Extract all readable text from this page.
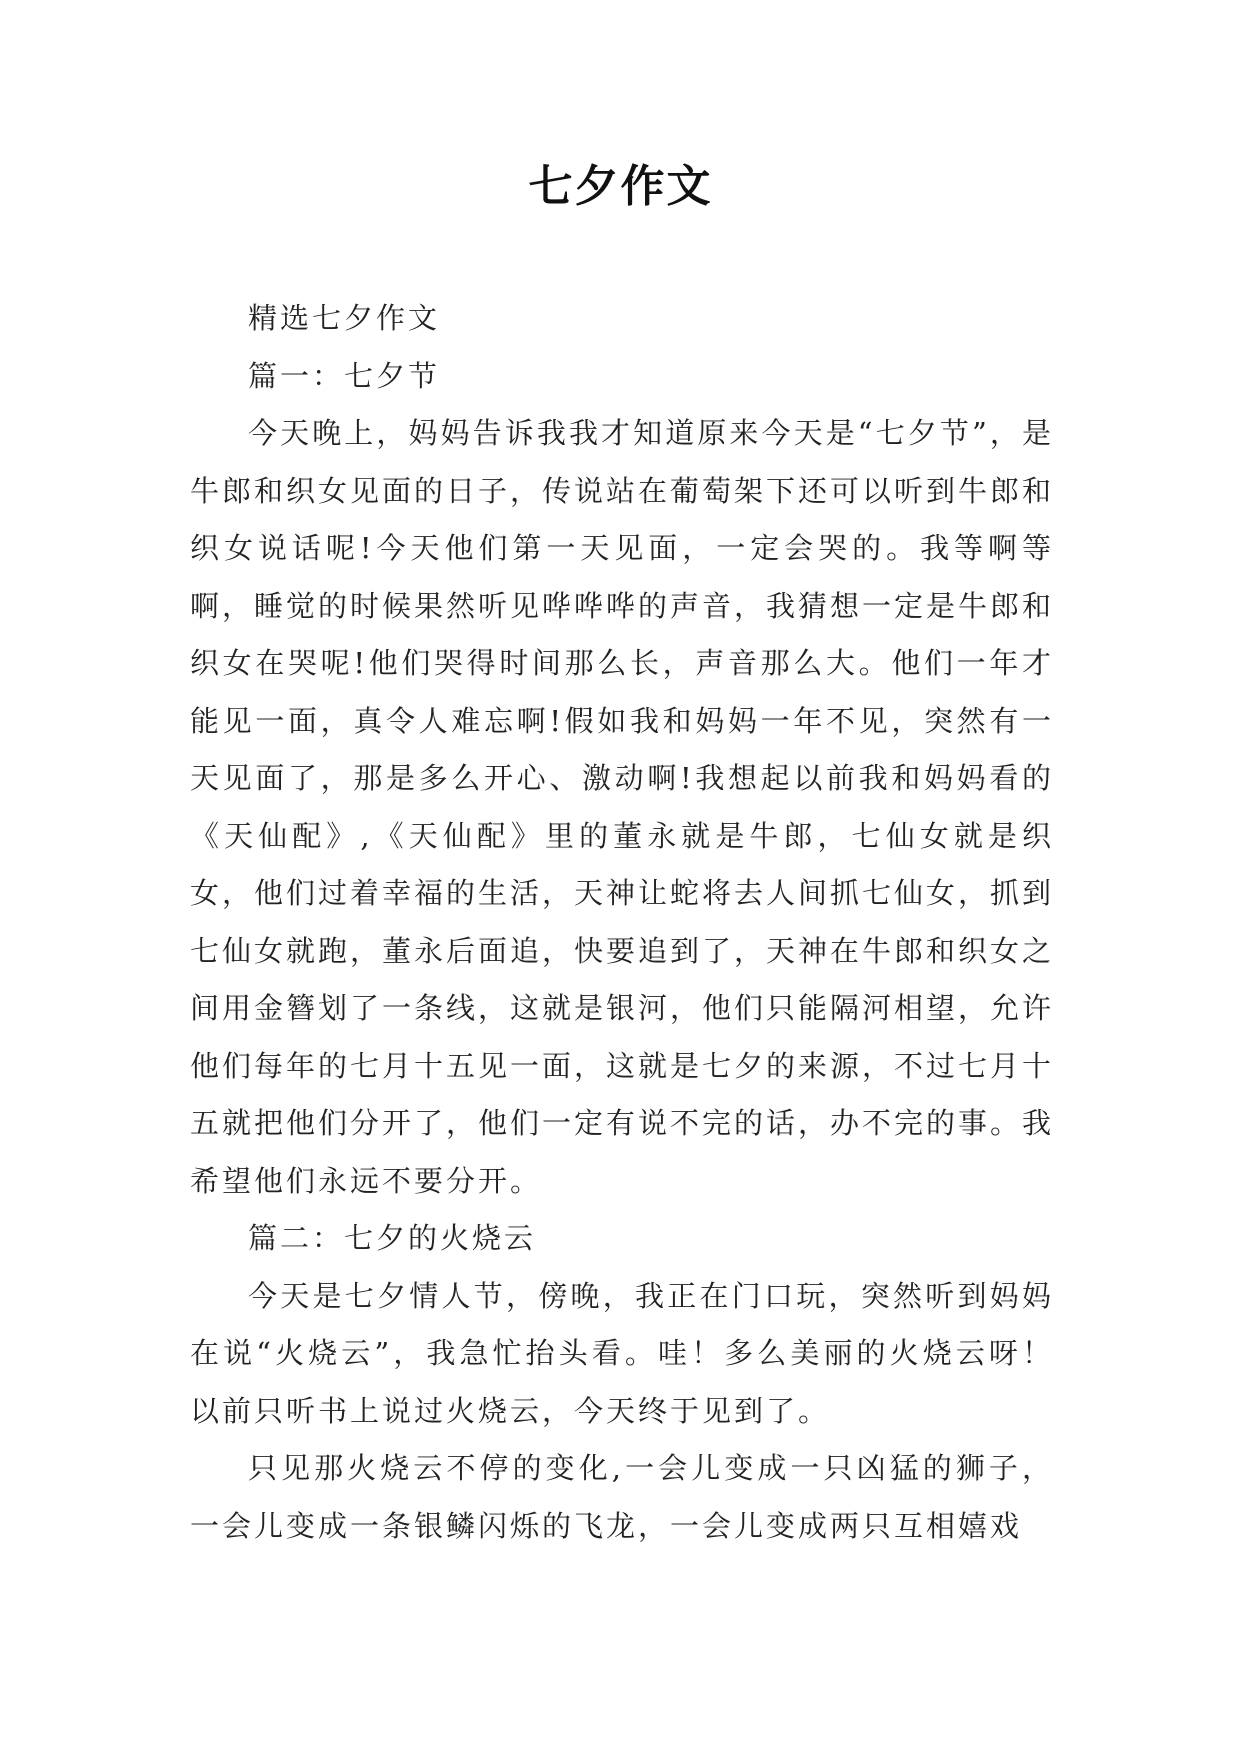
七夕作文

精选七夕作文

篇一：七夕节

今天晚上，妈妈告诉我我才知道原来今天是“七夕节”，是牛郎和织女见面的日子，传说站在葡萄架下还可以听到牛郎和织女说话呢!今天他们第一天见面，一定会哭的。我等啊等啊，睡觉的时候果然听见哗哗哗的声音，我猜想一定是牛郎和织女在哭呢!他们哭得时间那么长，声音那么大。他们一年才能见一面，真令人难忘啊!假如我和妈妈一年不见，突然有一天见面了，那是多么开心、激动啊!我想起以前我和妈妈看的《天仙配》,《天仙配》里的董永就是牛郎，七仙女就是织女，他们过着幸福的生活，天神让蛇将去人间抓七仙女，抓到七仙女就跑，董永后面追，快要追到了，天神在牛郎和织女之间用金簪划了一条线，这就是银河，他们只能隔河相望，允许他们每年的七月十五见一面，这就是七夕的来源，不过七月十五就把他们分开了，他们一定有说不完的话，办不完的事。我希望他们永远不要分开。

篇二：七夕的火烧云

今天是七夕情人节，傍晚，我正在门口玩，突然听到妈妈在说“火烧云”，我急忙抬头看。哇！多么美丽的火烧云呀！以前只听书上说过火烧云，今天终于见到了。

只见那火烧云不停的变化,一会儿变成一只凶猛的狮子，一会儿变成一条银鳞闪烁的飞龙，一会儿变成两只互相嬉戏
